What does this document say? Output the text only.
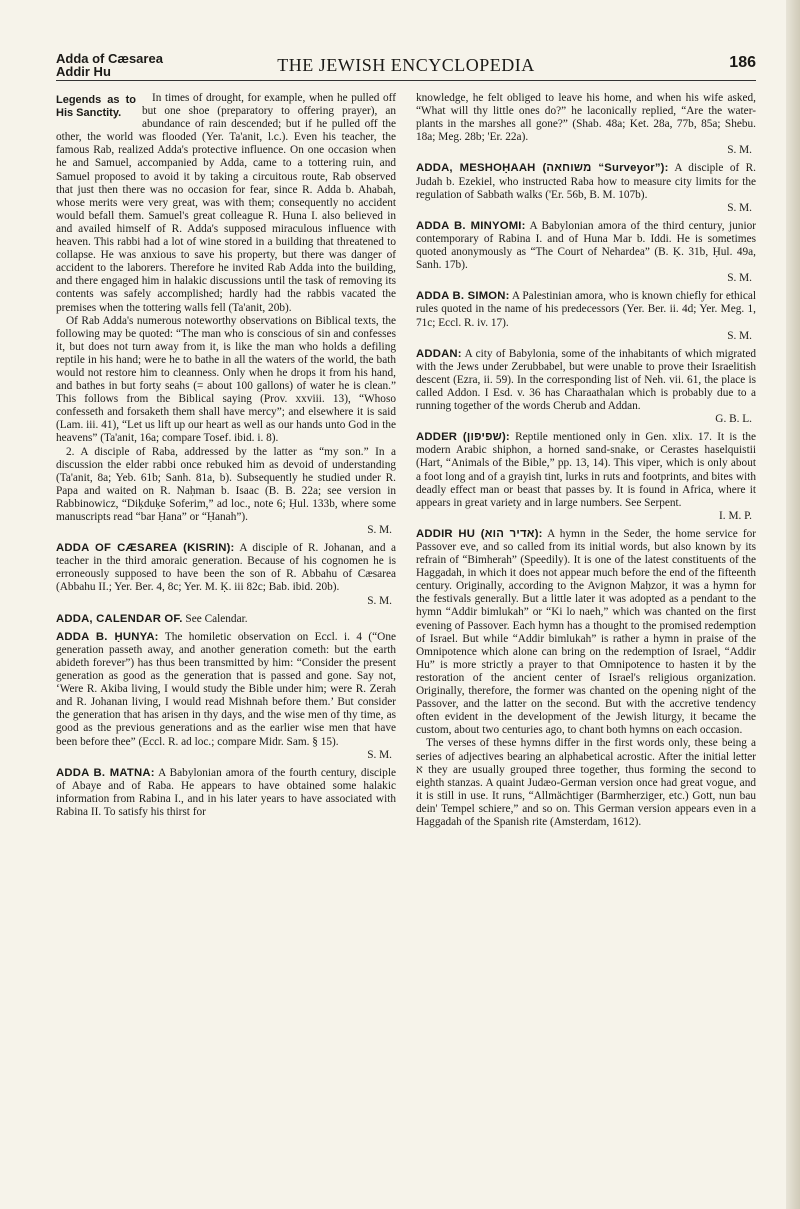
Adda of Cæsarea
Addir Hu	THE JEWISH ENCYCLOPEDIA	186

Legends as to His Sanctity.
In times of drought, for example, when he pulled off but one shoe (preparatory to offering prayer), an abundance of rain descended; but if he pulled off the other, the world was flooded (Yer. Ta'anit, l.c.). Even his teacher, the famous Rab, realized Adda's protective influence. On one occasion when he and Samuel, accompanied by Adda, came to a tottering ruin, and Samuel proposed to avoid it by taking a circuitous route, Rab observed that just then there was no occasion for fear, since R. Adda b. Ahabah, whose merits were very great, was with them; consequently no accident would befall them. Samuel's great colleague R. Huna I. also believed in and availed himself of R. Adda's supposed miraculous influence with heaven. This rabbi had a lot of wine stored in a building that threatened to collapse. He was anxious to save his property, but there was danger of accident to the laborers. Therefore he invited Rab Adda into the building, and there engaged him in halakic discussions until the task of removing its contents was safely accomplished; hardly had the rabbis vacated the premises when the tottering walls fell (Ta'anit, 20b).

Of Rab Adda's numerous noteworthy observations on Biblical texts, the following may be quoted: “The man who is conscious of sin and confesses it, but does not turn away from it, is like the man who holds a defiling reptile in his hand; were he to bathe in all the waters of the world, the bath would not restore him to cleanness. Only when he drops it from his hand, and bathes in but forty seahs (= about 100 gallons) of water he is clean.” This follows from the Biblical saying (Prov. xxviii. 13), “Whoso confesseth and forsaketh them shall have mercy”; and elsewhere it is said (Lam. iii. 41), “Let us lift up our heart as well as our hands unto God in the heavens” (Ta'anit, 16a; compare Tosef. ibid. i. 8).

2. A disciple of Raba, addressed by the latter as “my son.” In a discussion the elder rabbi once rebuked him as devoid of understanding (Ta'anit, 8a; Yeb. 61b; Sanh. 81a, b). Subsequently he studied under R. Papa and waited on R. Naḥman b. Isaac (B. B. 22a; see version in Rabbinowicz, “Diḳduḳe Soferim,” ad loc., note 6; Ḥul. 133b, where some manuscripts read “bar Ḥana” or “Ḥanah”).
S. M.

ADDA OF CÆSAREA (KISRIN): A disciple of R. Johanan, and a teacher in the third amoraic generation. Because of his cognomen he is erroneously supposed to have been the son of R. Abbahu of Cæsarea (Abbahu II.; Yer. Ber. 4, 8c; Yer. M. Ḳ. iii 82c; Bab. ibid. 20b).
S. M.

ADDA, CALENDAR OF. See Calendar.

ADDA B. ḤUNYA: The homiletic observation on Eccl. i. 4 (“One generation passeth away, and another generation cometh: but the earth abideth forever”) has thus been transmitted by him: “Consider the present generation as good as the generation that is passed and gone. Say not, ‘Were R. Akiba living, I would study the Bible under him; were R. Zerah and R. Johanan living, I would read Mishnah before them.’ But consider the generation that has arisen in thy days, and the wise men of thy time, as good as the previous generations and as the earlier wise men that have been before thee” (Eccl. R. ad loc.; compare Midr. Sam. § 15).
S. M.

ADDA B. MATNA: A Babylonian amora of the fourth century, disciple of Abaye and of Raba. He appears to have obtained some halakic information from Rabina I., and in his later years to have associated with Rabina II. To satisfy his thirst for

knowledge, he felt obliged to leave his home, and when his wife asked, “What will thy little ones do?” he laconically replied, “Are the water-plants in the marshes all gone?” (Shab. 48a; Ket. 28a, 77b, 85a; Shebu. 18a; Meg. 28b; 'Er. 22a).
S. M.

ADDA, MESHOḤAAH (משוחאה “Surveyor”): A disciple of R. Judah b. Ezekiel, who instructed Raba how to measure city limits for the regulation of Sabbath walks ('Er. 56b, B. M. 107b).
S. M.

ADDA B. MINYOMI: A Babylonian amora of the third century, junior contemporary of Rabina I. and of Huna Mar b. Iddi. He is sometimes quoted anonymously as “The Court of Nehardea” (B. Ḳ. 31b, Ḥul. 49a, Sanh. 17b).
S. M.

ADDA B. SIMON: A Palestinian amora, who is known chiefly for ethical rules quoted in the name of his predecessors (Yer. Ber. ii. 4d; Yer. Meg. 1, 71c; Eccl. R. iv. 17).
S. M.

ADDAN: A city of Babylonia, some of the inhabitants of which migrated with the Jews under Zerubbabel, but were unable to prove their Israelitish descent (Ezra, ii. 59). In the corresponding list of Neh. vii. 61, the place is called Addon. I Esd. v. 36 has Charaathalan which is probably due to a running together of the words Cherub and Addan.
G. B. L.

ADDER (שפיפון): Reptile mentioned only in Gen. xlix. 17. It is the modern Arabic shiphon, a horned sand-snake, or Cerastes haselquistii (Hart, “Animals of the Bible,” pp. 13, 14). This viper, which is only about a foot long and of a grayish tint, lurks in ruts and footprints, and bites with deadly effect man or beast that passes by. It is found in Africa, where it appears in great variety and in large numbers. See Serpent.
I. M. P.

ADDIR HU (אדיר הוא): A hymn in the Seder, the home service for Passover eve, and so called from its initial words, but also known by its refrain of “Bimherah” (Speedily). It is one of the latest constituents of the Haggadah, in which it does not appear much before the end of the fifteenth century. Originally, according to the Avignon Maḥzor, it was a hymn for the festivals generally. But a little later it was adopted as a pendant to the hymn “Addir bimlukah” or “Ki lo naeh,” which was chanted on the first evening of Passover. Each hymn has a thought to the promised redemption of Israel. But while “Addir bimlukah” is rather a hymn in praise of the Omnipotence which alone can bring on the redemption of Israel, “Addir Hu” is more strictly a prayer to that Omnipotence to hasten it by the restoration of the ancient center of Israel's religious organization. Originally, therefore, the former was chanted on the opening night of the Passover, and the latter on the second. But with the accretive tendency often evident in the development of the Jewish liturgy, it became the custom, about two centuries ago, to chant both hymns on each occasion.

The verses of these hymns differ in the first words only, these being a series of adjectives bearing an alphabetical acrostic. After the initial letter א they are usually grouped three together, thus forming the second to eighth stanzas. A quaint Judæo-German version once had great vogue, and it is still in use. It runs, “Allmächtiger (Barmherziger, etc.) Gott, nun bau dein' Tempel schiere,” and so on. This German version appears even in a Haggadah of the Spanish rite (Amsterdam, 1612).
